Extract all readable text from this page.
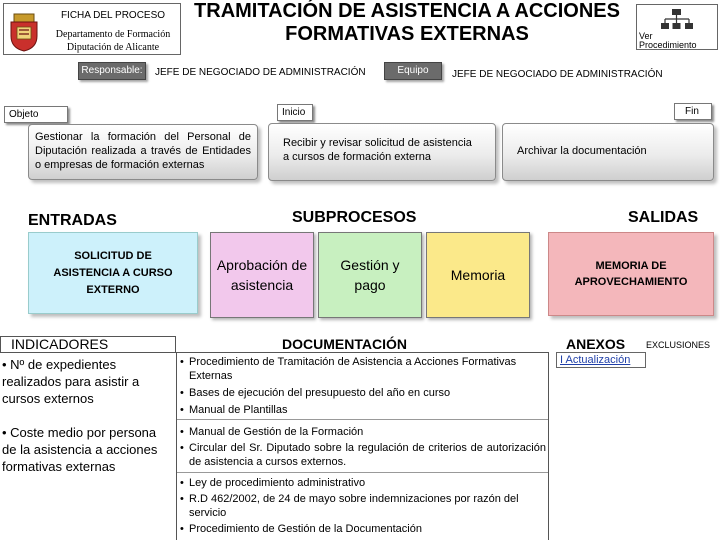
FICHA DEL PROCESO
Departamento de Formación
Diputación de Alicante
TRAMITACIÓN DE ASISTENCIA A ACCIONES
FORMATIVAS EXTERNAS	Ver
Procedimiento
Responsable:	JEFE DE NEGOCIADO DE ADMINISTRACIÓN	Equipo	JEFE DE NEGOCIADO DE ADMINISTRACIÓN
Objeto
Gestionar la formación del Personal de Diputación realizada a través de Entidades o empresas de formación externas
Inicio
Recibir y revisar solicitud de asistencia a cursos de formación externa
Fin
Archivar la documentación
ENTRADAS	SUBPROCESOS	SALIDAS
SOLICITUD DE ASISTENCIA A CURSO EXTERNO
Aprobación de asistencia
Gestión y pago
Memoria
MEMORIA DE APROVECHAMIENTO
INDICADORES	DOCUMENTACIÓN	ANEXOS EXCLUSIONES
• Nº de expedientes realizados para asistir a cursos externos
• Coste medio por persona de la asistencia a acciones formativas externas
• Procedimiento de Tramitación de Asistencia a Acciones Formativas Externas
• Bases de ejecución del presupuesto del año en curso
• Manual de Plantillas
• Manual de Gestión de la Formación
• Circular del Sr. Diputado sobre la regulación de criterios de autorización de asistencia a cursos externos.
• Ley de procedimiento administrativo
• R.D 462/2002, de 24 de mayo sobre indemnizaciones por razón del servicio
• Procedimiento de Gestión de la Documentación
I Actualización
